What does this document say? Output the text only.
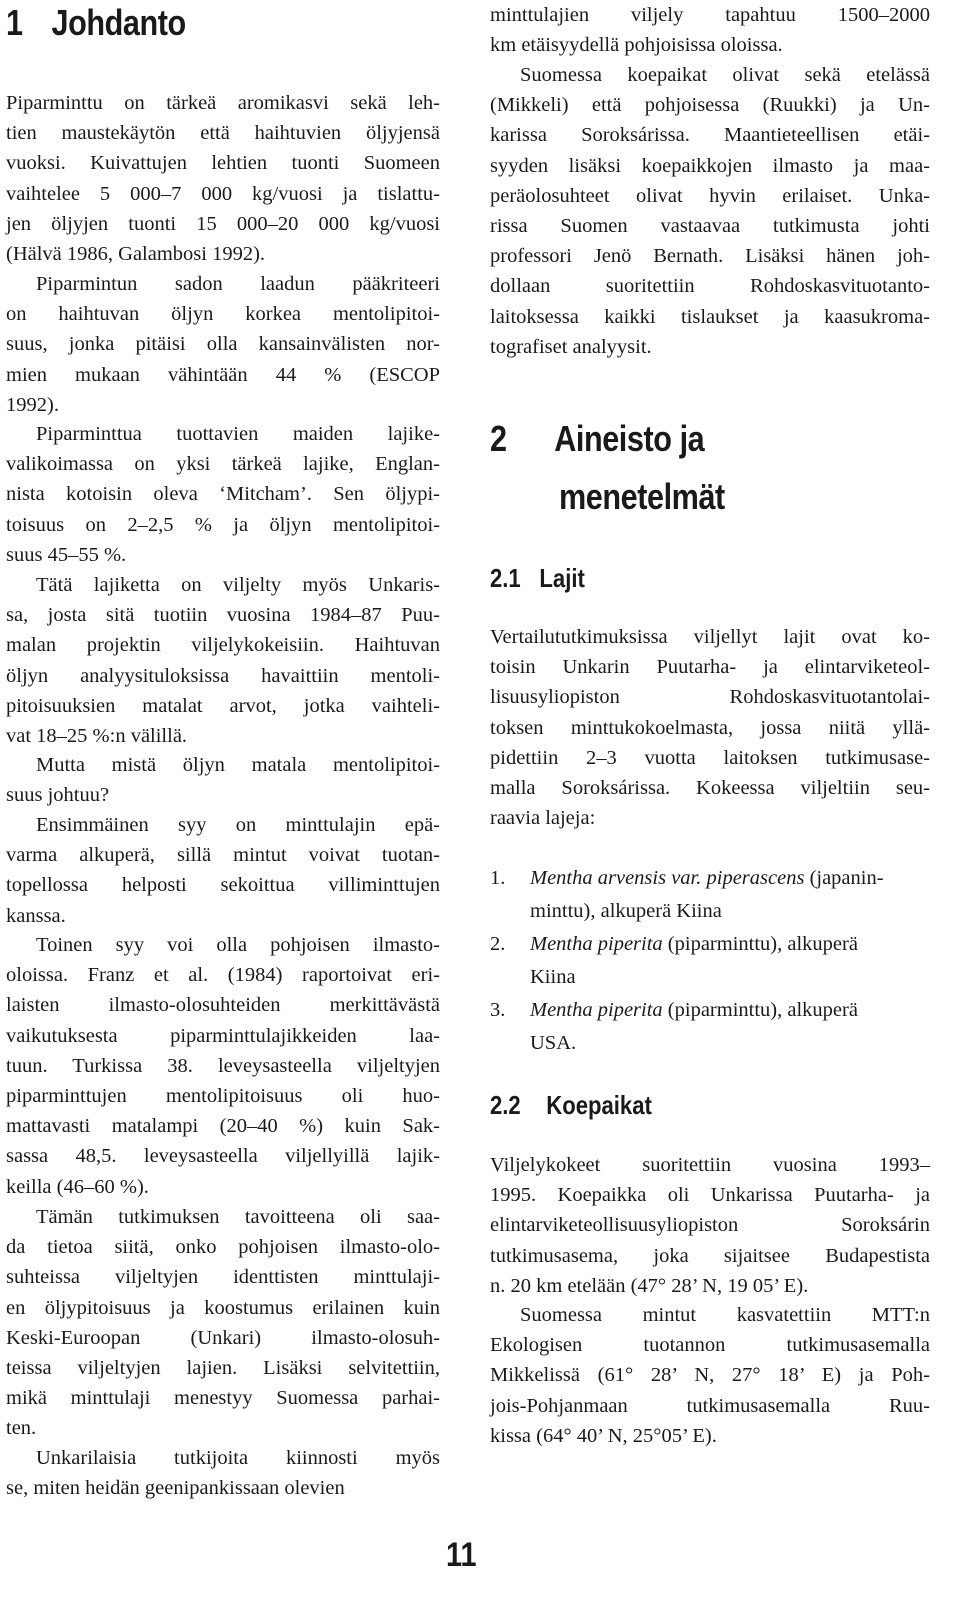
1 Johdanto
Piparminttu on tärkeä aromikasvi sekä leh-
tien maustekäytön että haihtuvien öljyjensä
vuoksi. Kuivattujen lehtien tuonti Suomeen
vaihtelee 5 000–7 000 kg/vuosi ja tislattu-
jen öljyjen tuonti 15 000–20 000 kg/vuosi
(Hälvä 1986, Galambosi 1992).
Piparmintun sadon laadun pääkriteeri
on haihtuvan öljyn korkea mentolipitoi-
suus, jonka pitäisi olla kansainvälisten nor-
mien mukaan vähintään 44 % (ESCOP
1992).
Piparminttua tuottavien maiden lajike-
valikoimassa on yksi tärkeä lajike, Englan-
nista kotoisin oleva ‘Mitcham’. Sen öljypi-
toisuus on 2–2,5 % ja öljyn mentolipitoi-
suus 45–55 %.
Tätä lajiketta on viljelty myös Unkaris-
sa, josta sitä tuotiin vuosina 1984–87 Puu-
malan projektin viljelykokeisiin. Haihtuvan
öljyn analyysituloksissa havaittiin mentoli-
pitoisuuksien matalat arvot, jotka vaihteli-
vat 18–25 %:n välillä.
Mutta mistä öljyn matala mentolipitoi-
suus johtuu?
Ensimmäinen syy on minttulajin epä-
varma alkuperä, sillä mintut voivat tuotan-
topellossa helposti sekoittua villiminttujen
kanssa.
Toinen syy voi olla pohjoisen ilmasto-
oloissa. Franz et al. (1984) raportoivat eri-
laisten ilmasto-olosuhteiden merkittävästä
vaikutuksesta piparminttulajikkeiden laa-
tuun. Turkissa 38. leveysasteella viljeltyjen
piparminttujen mentolipitoisuus oli huo-
mattavasti matalampi (20–40 %) kuin Sak-
sassa 48,5. leveysasteella viljellyillä lajik-
keilla (46–60 %).
Tämän tutkimuksen tavoitteena oli saa-
da tietoa siitä, onko pohjoisen ilmasto-olo-
suhteissa viljeltyjen identtisten minttulaji-
en öljypitoisuus ja koostumus erilainen kuin
Keski-Euroopan (Unkari) ilmasto-olosuh-
teissa viljeltyjen lajien. Lisäksi selvitettiin,
mikä minttulaji menestyy Suomessa parhai-
ten.
Unkarilaisia tutkijoita kiinnosti myös
se, miten heidän geenipankissaan olevien
minttulajien viljely tapahtuu 1500–2000
km etäisyydellä pohjoisissa oloissa.
Suomessa koepaikat olivat sekä etelässä
(Mikkeli) että pohjoisessa (Ruukki) ja Un-
karissa Soroksárissa. Maantieteellisen etäi-
syyden lisäksi koepaikkojen ilmasto ja maa-
peräolosuhteet olivat hyvin erilaiset. Unka-
rissa Suomen vastaavaa tutkimusta johti
professori Jenö Bernath. Lisäksi hänen joh-
dollaan suoritettiin Rohdoskasvituotanto-
laitoksessa kaikki tislaukset ja kaasukroma-
tografiset analyysit.
2 Aineisto ja
menetelmät
2.1 Lajit
Vertailututkimuksissa viljellyt lajit ovat ko-
toisin Unkarin Puutarha- ja elintarviketeol-
lisuusyliopiston Rohdoskasvituotantolai-
toksen minttukokoelmasta, jossa niitä yllä-
pidettiin 2–3 vuotta laitoksen tutkimusase-
malla Soroksárissa. Kokeessa viljeltiin seu-
raavia lajeja:
1. Mentha arvensis var. piperascens (japanin-
minttu), alkuperä Kiina
2. Mentha piperita (piparminttu), alkuperä
Kiina
3. Mentha piperita (piparminttu), alkuperä
USA.
2.2 Koepaikat
Viljelykokeet suoritettiin vuosina 1993–
1995. Koepaikka oli Unkarissa Puutarha- ja
elintarviketeollisuusyliopiston Soroksárin
tutkimusasema, joka sijaitsee Budapestista
n. 20 km etelään (47° 28’ N, 19 05’ E).
Suomessa mintut kasvatettiin MTT:n
Ekologisen tuotannon tutkimusasemalla
Mikkelissä (61° 28’ N, 27° 18’ E) ja Poh-
jois-Pohjanmaan tutkimusasemalla Ruu-
kissa (64° 40’ N, 25°05’ E).
11
